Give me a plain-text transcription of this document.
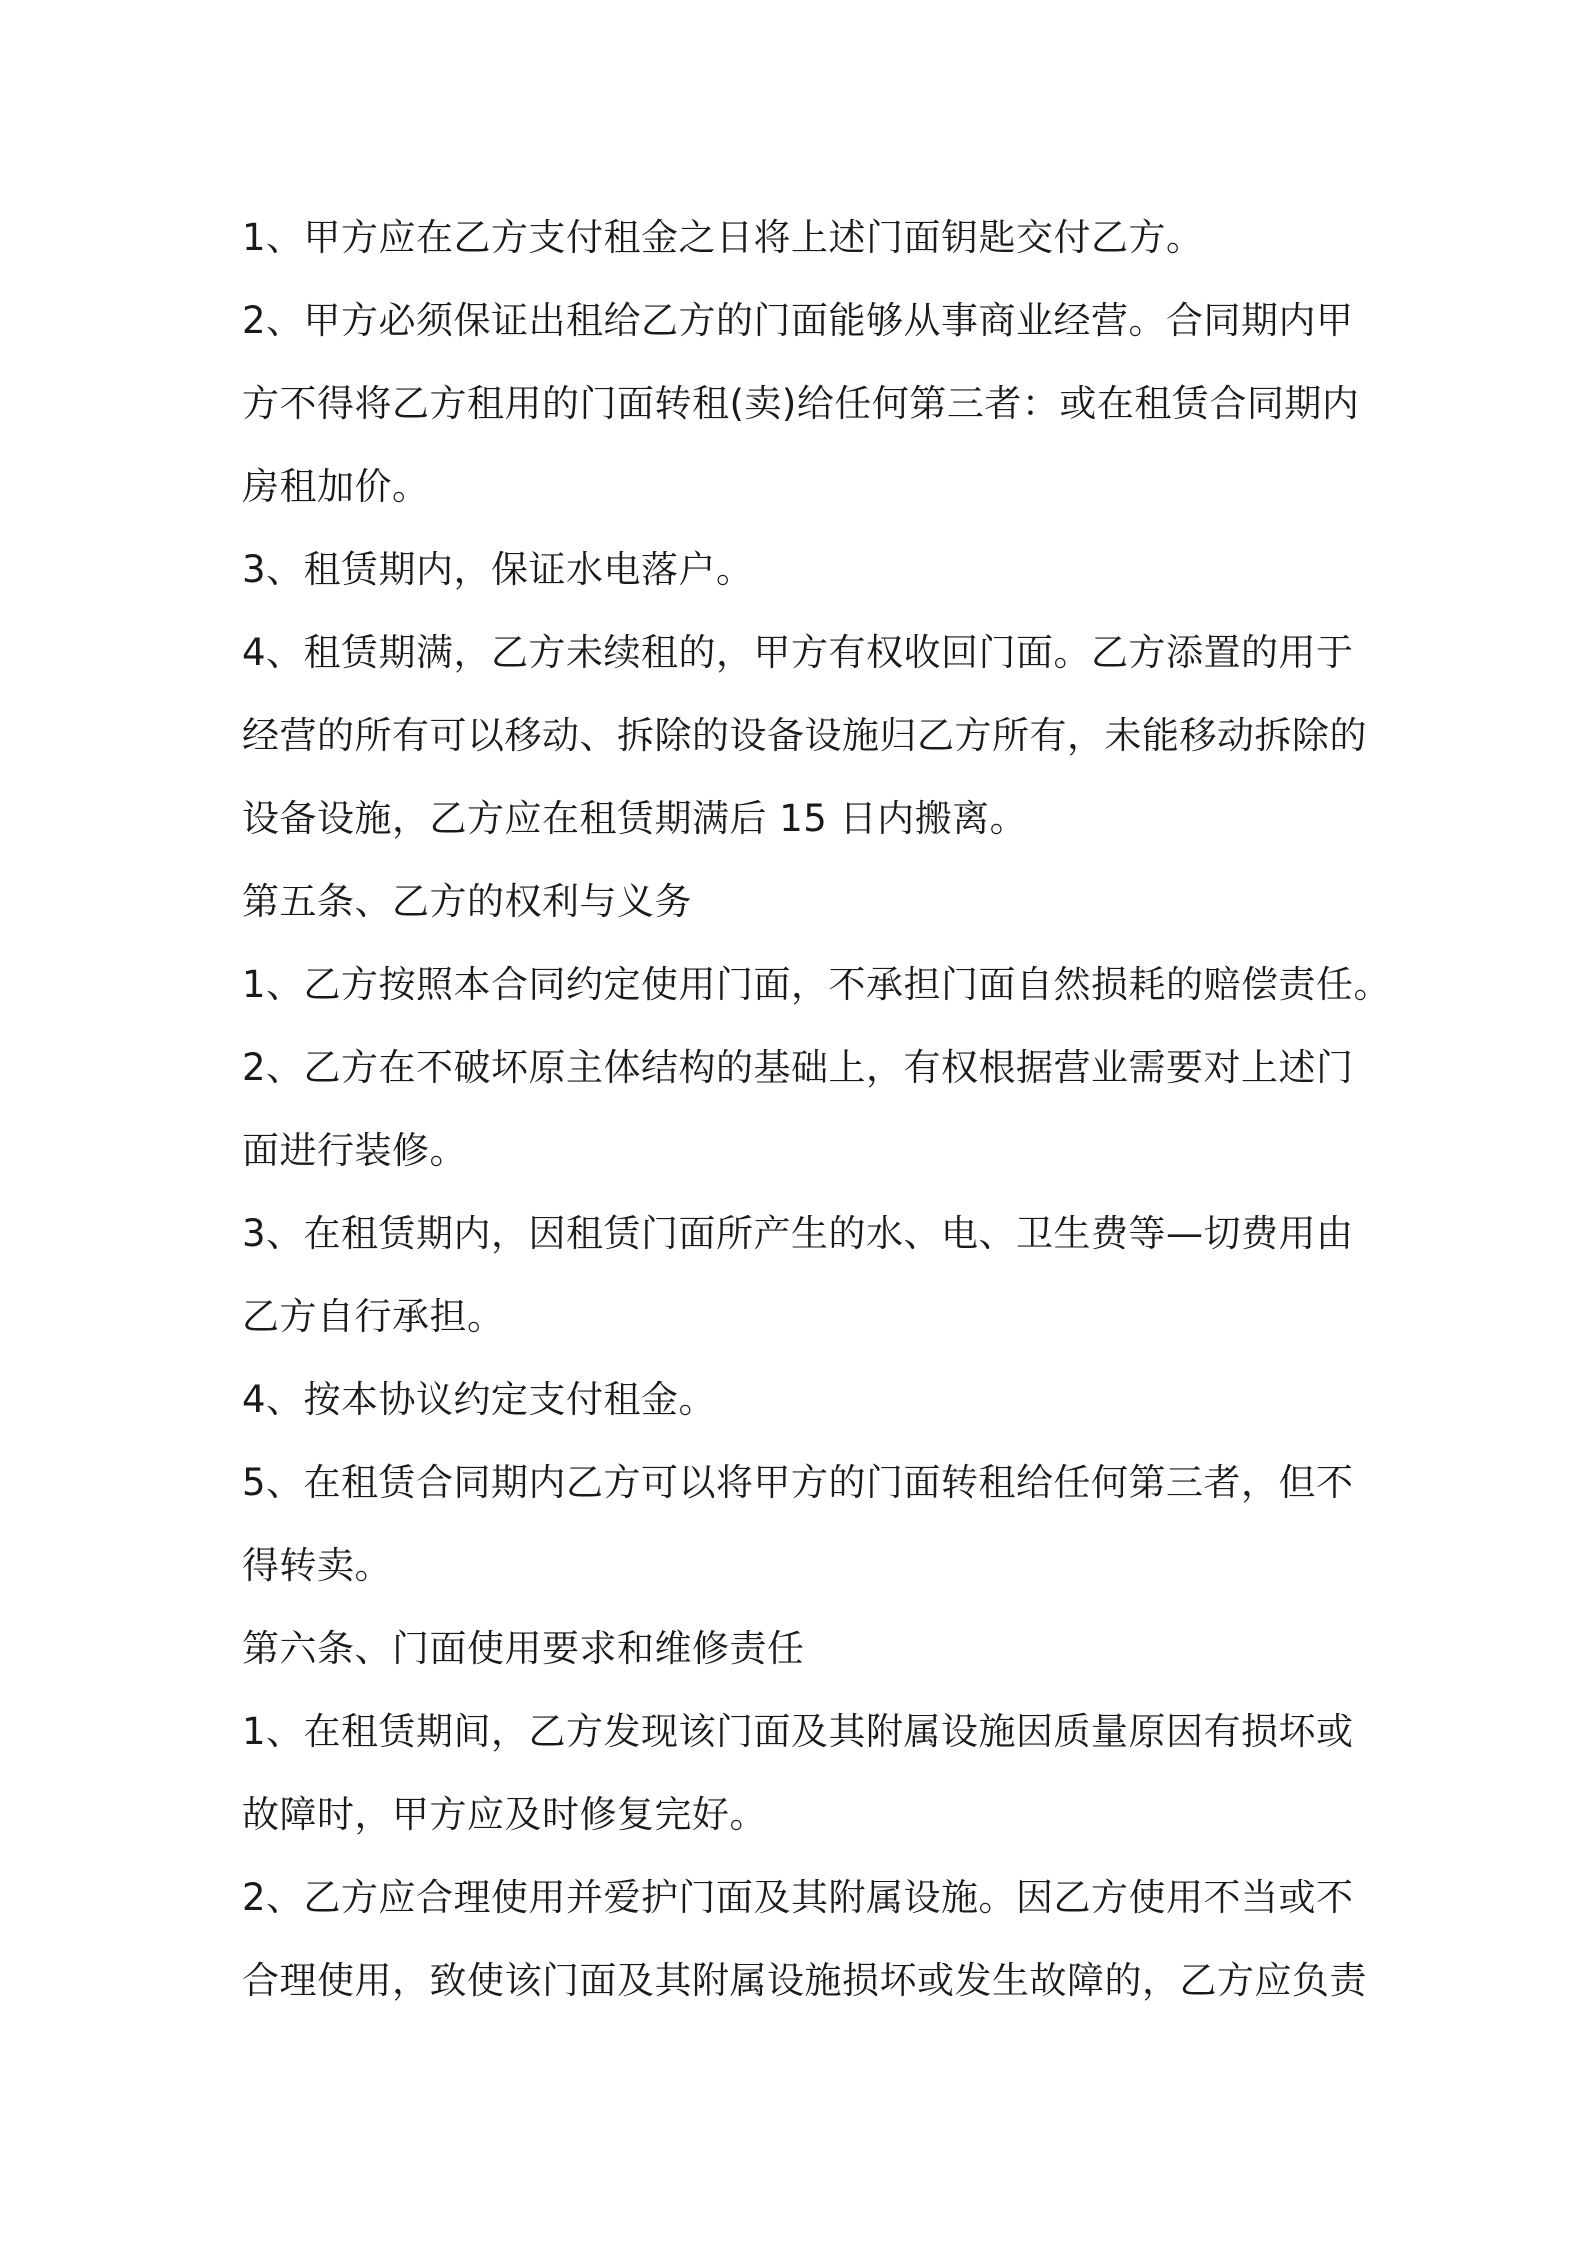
1、甲方应在乙方支付租金之日将上述门面钥匙交付乙方。

2、甲方必须保证出租给乙方的门面能够从事商业经营。合同期内甲

方不得将乙方租用的门面转租(卖)给任何第三者：或在租赁合同期内

房租加价。

3、租赁期内，保证水电落户。

4、租赁期满，乙方未续租的，甲方有权收回门面。乙方添置的用于

经营的所有可以移动、拆除的设备设施归乙方所有，未能移动拆除的

设备设施，乙方应在租赁期满后 15 日内搬离。

第五条、乙方的权利与义务

1、乙方按照本合同约定使用门面，不承担门面自然损耗的赔偿责任。

2、乙方在不破坏原主体结构的基础上，有权根据营业需要对上述门

面进行装修。

3、在租赁期内，因租赁门面所产生的水、电、卫生费等—切费用由

乙方自行承担。

4、按本协议约定支付租金。

5、在租赁合同期内乙方可以将甲方的门面转租给任何第三者，但不

得转卖。

第六条、门面使用要求和维修责任

1、在租赁期间，乙方发现该门面及其附属设施因质量原因有损坏或

故障时，甲方应及时修复完好。

2、乙方应合理使用并爱护门面及其附属设施。因乙方使用不当或不

合理使用，致使该门面及其附属设施损坏或发生故障的，乙方应负责
